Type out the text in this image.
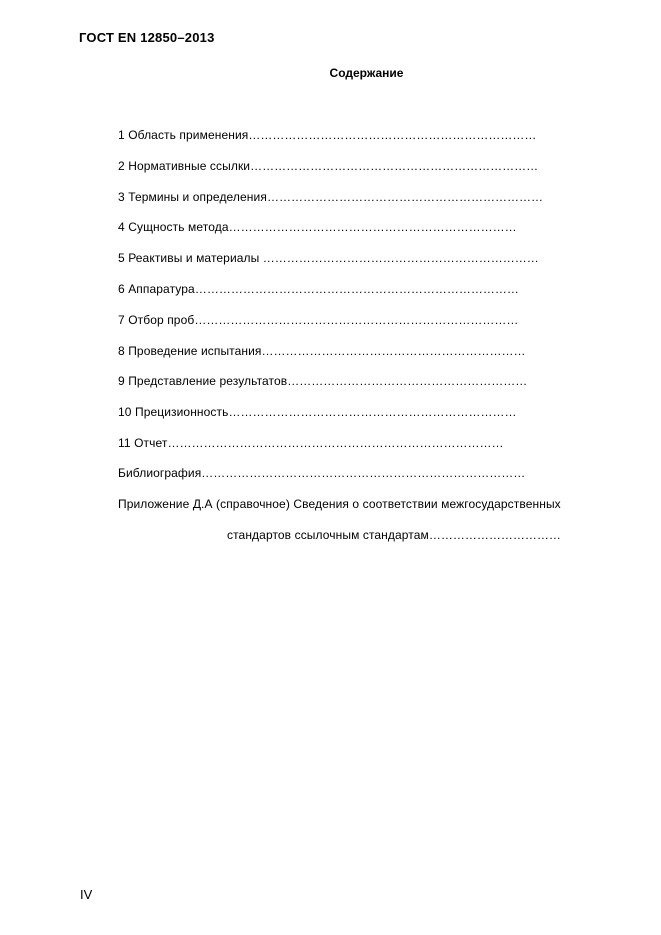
ГОСТ EN 12850–2013
Содержание
1 Область применения………………………………………………………………
2 Нормативные ссылки………………………………………………………………
3 Термины и определения……………………………………………………………
4 Сущность метода………………………………………………………………
5 Реактивы и материалы ……………………………………………………………
6 Аппаратура………………………………………………………………………
7 Отбор проб………………………………………………………………………
8 Проведение испытания…………………………………………………………
9 Представление результатов……………………………………………………
10 Прецизионность………………………………………………………………
11 Отчет…………………………………………………………………………
Библиография………………………………………………………………………
Приложение Д.А (справочное) Сведения о соответствии межгосударственных
стандартов ссылочным стандартам……………………………
IV
